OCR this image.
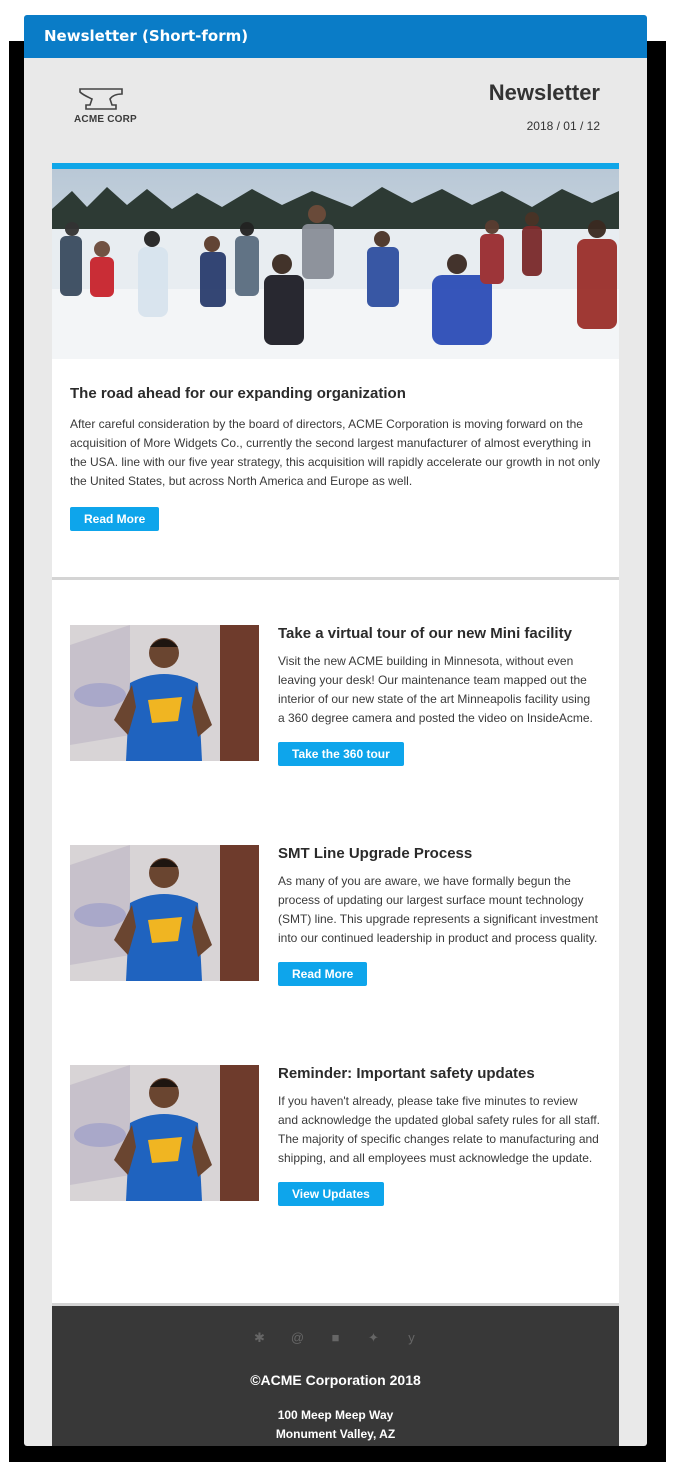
Newsletter (Short-form)
ACME CORP
Newsletter
2018 / 01 / 12
The road ahead for our expanding organization

After careful consideration by the board of directors, ACME Corporation is moving forward on the acquisition of More Widgets Co., currently the second largest manufacturer of almost everything in the USA. line with our five year strategy, this acquisition will rapidly accelerate our growth in not only the United States, but across North America and Europe as well.

Read More
Take a virtual tour of our new Mini facility

Visit the new ACME building in Minnesota, without even leaving your desk! Our maintenance team mapped out the interior of our new state of the art Minneapolis facility using a 360 degree camera and posted the video on InsideAcme.

Take the 360 tour
SMT Line Upgrade Process

As many of you are aware, we have formally begun the process of updating our largest surface mount technology (SMT) line. This upgrade represents a significant investment into our continued leadership in product and process quality.

Read More
Reminder: Important safety updates

If you haven't already, please take five minutes to review and acknowledge the updated global safety rules for all staff. The majority of specific changes relate to manufacturing and shipping, and all employees must acknowledge the update.

View Updates
✱ @	■	✦	y
©ACME Corporation 2018
100 Meep Meep Way
Monument Valley, AZ
